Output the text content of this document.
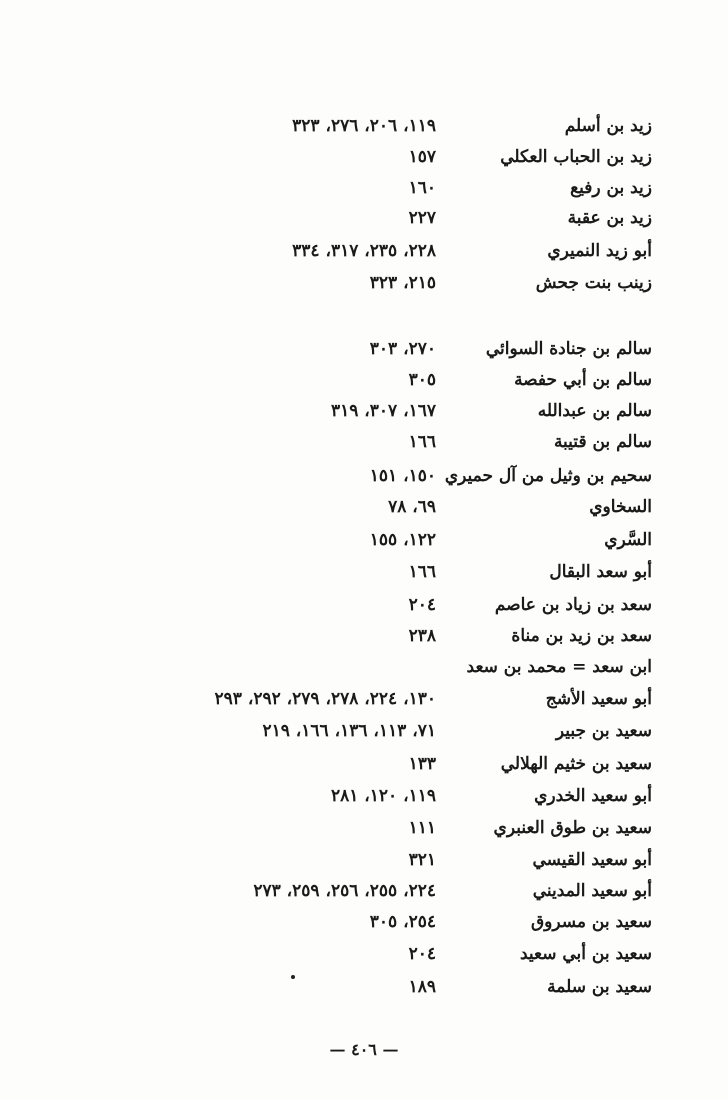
زيد بن أسلم
١١٩، ٢٠٦، ٢٧٦، ٣٢٣
زيد بن الحباب العكلي
١٥٧
زيد بن رفيع
١٦٠
زيد بن عقبة
٢٢٧
أبو زيد النميري
٢٢٨، ٢٣٥، ٣١٧، ٣٣٤
زينب بنت جحش
٢١٥، ٣٢٣
سالم بن جنادة السوائي
٢٧٠، ٣٠٣
سالم بن أبي حفصة
٣٠٥
سالم بن عبدالله
١٦٧، ٣٠٧، ٣١٩
سالم بن قتيبة
١٦٦
سحيم بن وثيل من آل حميري
١٥٠، ١٥١
السخاوي
٦٩، ٧٨
السَّري
١٢٢، ١٥٥
أبو سعد البقال
١٦٦
سعد بن زياد بن عاصم
٢٠٤
سعد بن زيد بن مناة
٢٣٨
ابن سعد = محمد بن سعد
أبو سعيد الأشج
١٣٠، ٢٢٤، ٢٧٨، ٢٧٩، ٢٩٢، ٢٩٣
سعيد بن جبير
٧١، ١١٣، ١٣٦، ١٦٦، ٢١٩
سعيد بن خثيم الهلالي
١٣٣
أبو سعيد الخدري
١١٩، ١٢٠، ٢٨١
سعيد بن طوق العنبري
١١١
أبو سعيد القيسي
٣٢١
أبو سعيد المديني
٢٢٤، ٢٥٥، ٢٥٦، ٢٥٩، ٢٧٣
سعيد بن مسروق
٢٥٤، ٣٠٥
سعيد بن أبي سعيد
٢٠٤
سعيد بن سلمة
١٨٩
— ٤٠٦ —
